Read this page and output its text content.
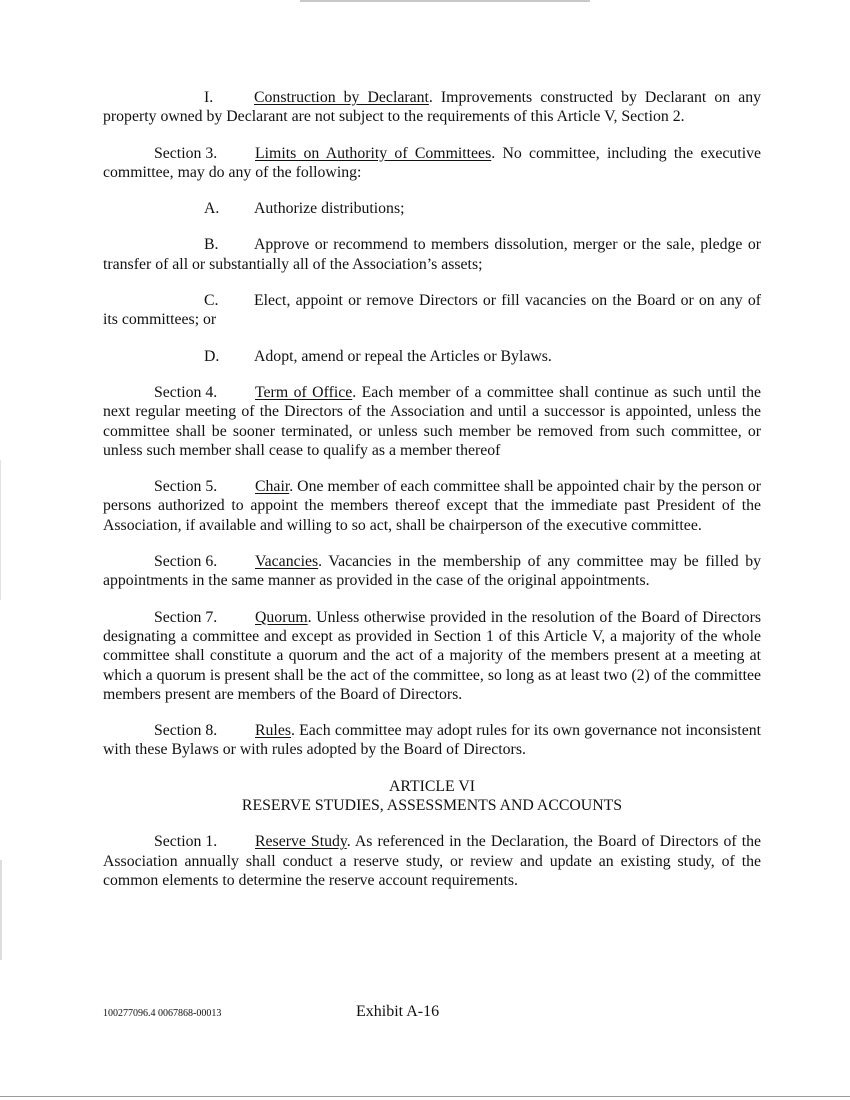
I.	Construction by Declarant. Improvements constructed by Declarant on any property owned by Declarant are not subject to the requirements of this Article V, Section 2.

Section 3. Limits on Authority of Committees. No committee, including the executive committee, may do any of the following:

A. Authorize distributions;

B. Approve or recommend to members dissolution, merger or the sale, pledge or transfer of all or substantially all of the Association’s assets;

C. Elect, appoint or remove Directors or fill vacancies on the Board or on any of its committees; or

D. Adopt, amend or repeal the Articles or Bylaws.

Section 4. Term of Office. Each member of a committee shall continue as such until the next regular meeting of the Directors of the Association and until a successor is appointed, unless the committee shall be sooner terminated, or unless such member be removed from such committee, or unless such member shall cease to qualify as a member thereof

Section 5. Chair. One member of each committee shall be appointed chair by the person or persons authorized to appoint the members thereof except that the immediate past President of the Association, if available and willing to so act, shall be chairperson of the executive committee.

Section 6. Vacancies. Vacancies in the membership of any committee may be filled by appointments in the same manner as provided in the case of the original appointments.

Section 7. Quorum. Unless otherwise provided in the resolution of the Board of Directors designating a committee and except as provided in Section 1 of this Article V, a majority of the whole committee shall constitute a quorum and the act of a majority of the members present at a meeting at which a quorum is present shall be the act of the committee, so long as at least two (2) of the committee members present are members of the Board of Directors.

Section 8. Rules. Each committee may adopt rules for its own governance not inconsistent with these Bylaws or with rules adopted by the Board of Directors.

ARTICLE VI

RESERVE STUDIES, ASSESSMENTS AND ACCOUNTS

Section 1. Reserve Study. As referenced in the Declaration, the Board of Directors of the Association annually shall conduct a reserve study, or review and update an existing study, of the common elements to determine the reserve account requirements.

100277096.4 0067868-00013	Exhibit A-16
